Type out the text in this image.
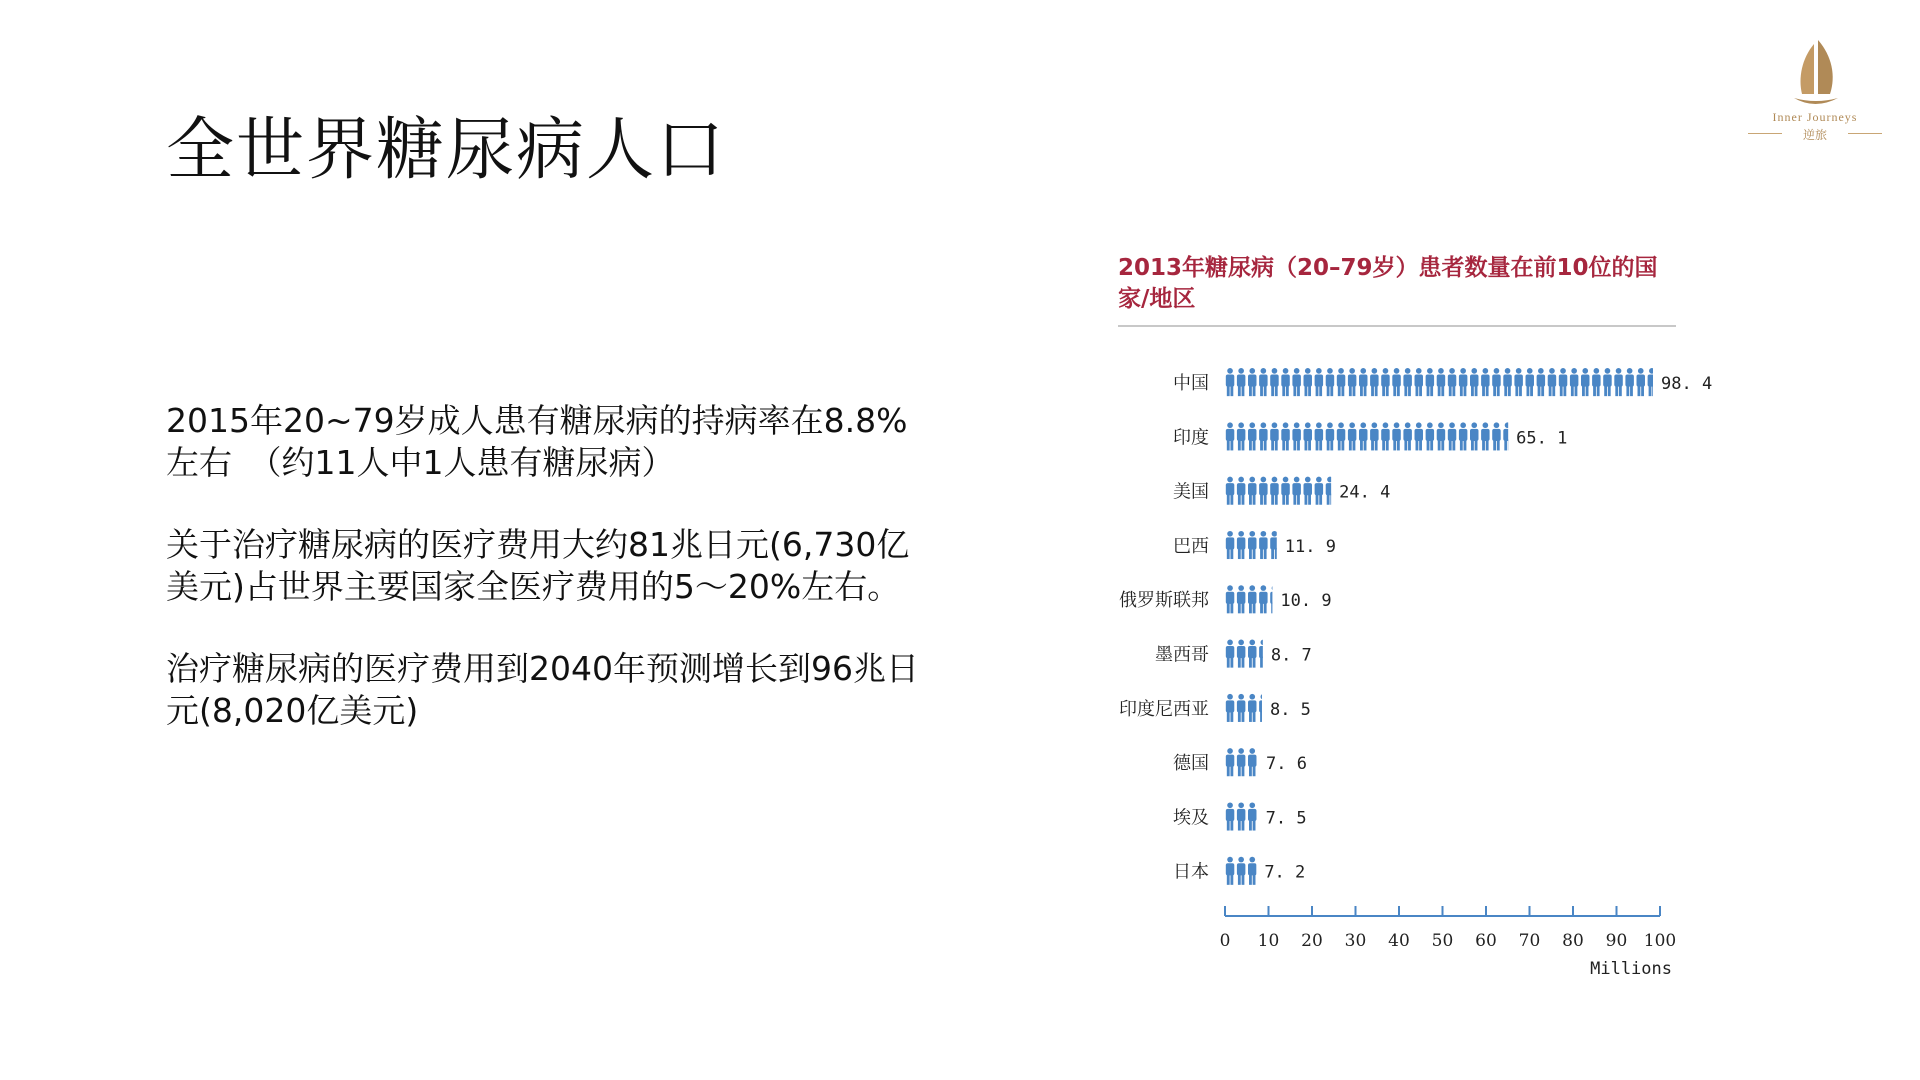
全世界糖尿病人口	Inner Journeys
逆旅

2015年20~79岁成人患有糖尿病的持病率在8.8%左右　（约11人中1人患有糖尿病）

关于治疗糖尿病的医疗费用大约81兆日元(6,730亿美元)占世界主要国家全医疗费用的5～20%左右。

治疗糖尿病的医疗费用到2040年预测增长到96兆日元(8,020亿美元)

2013年糖尿病（20–79岁）患者数量在前10位的国家/地区
中国	98. 4
印度	65. 1
美国	24. 4
巴西	11. 9
俄罗斯联邦	10. 9
墨西哥	8. 7
印度尼西亚	8. 5
德国	7. 6
埃及	7. 5
日本	7. 2
0 10 20 30 40 50 60 70 80 90 100
Millions
